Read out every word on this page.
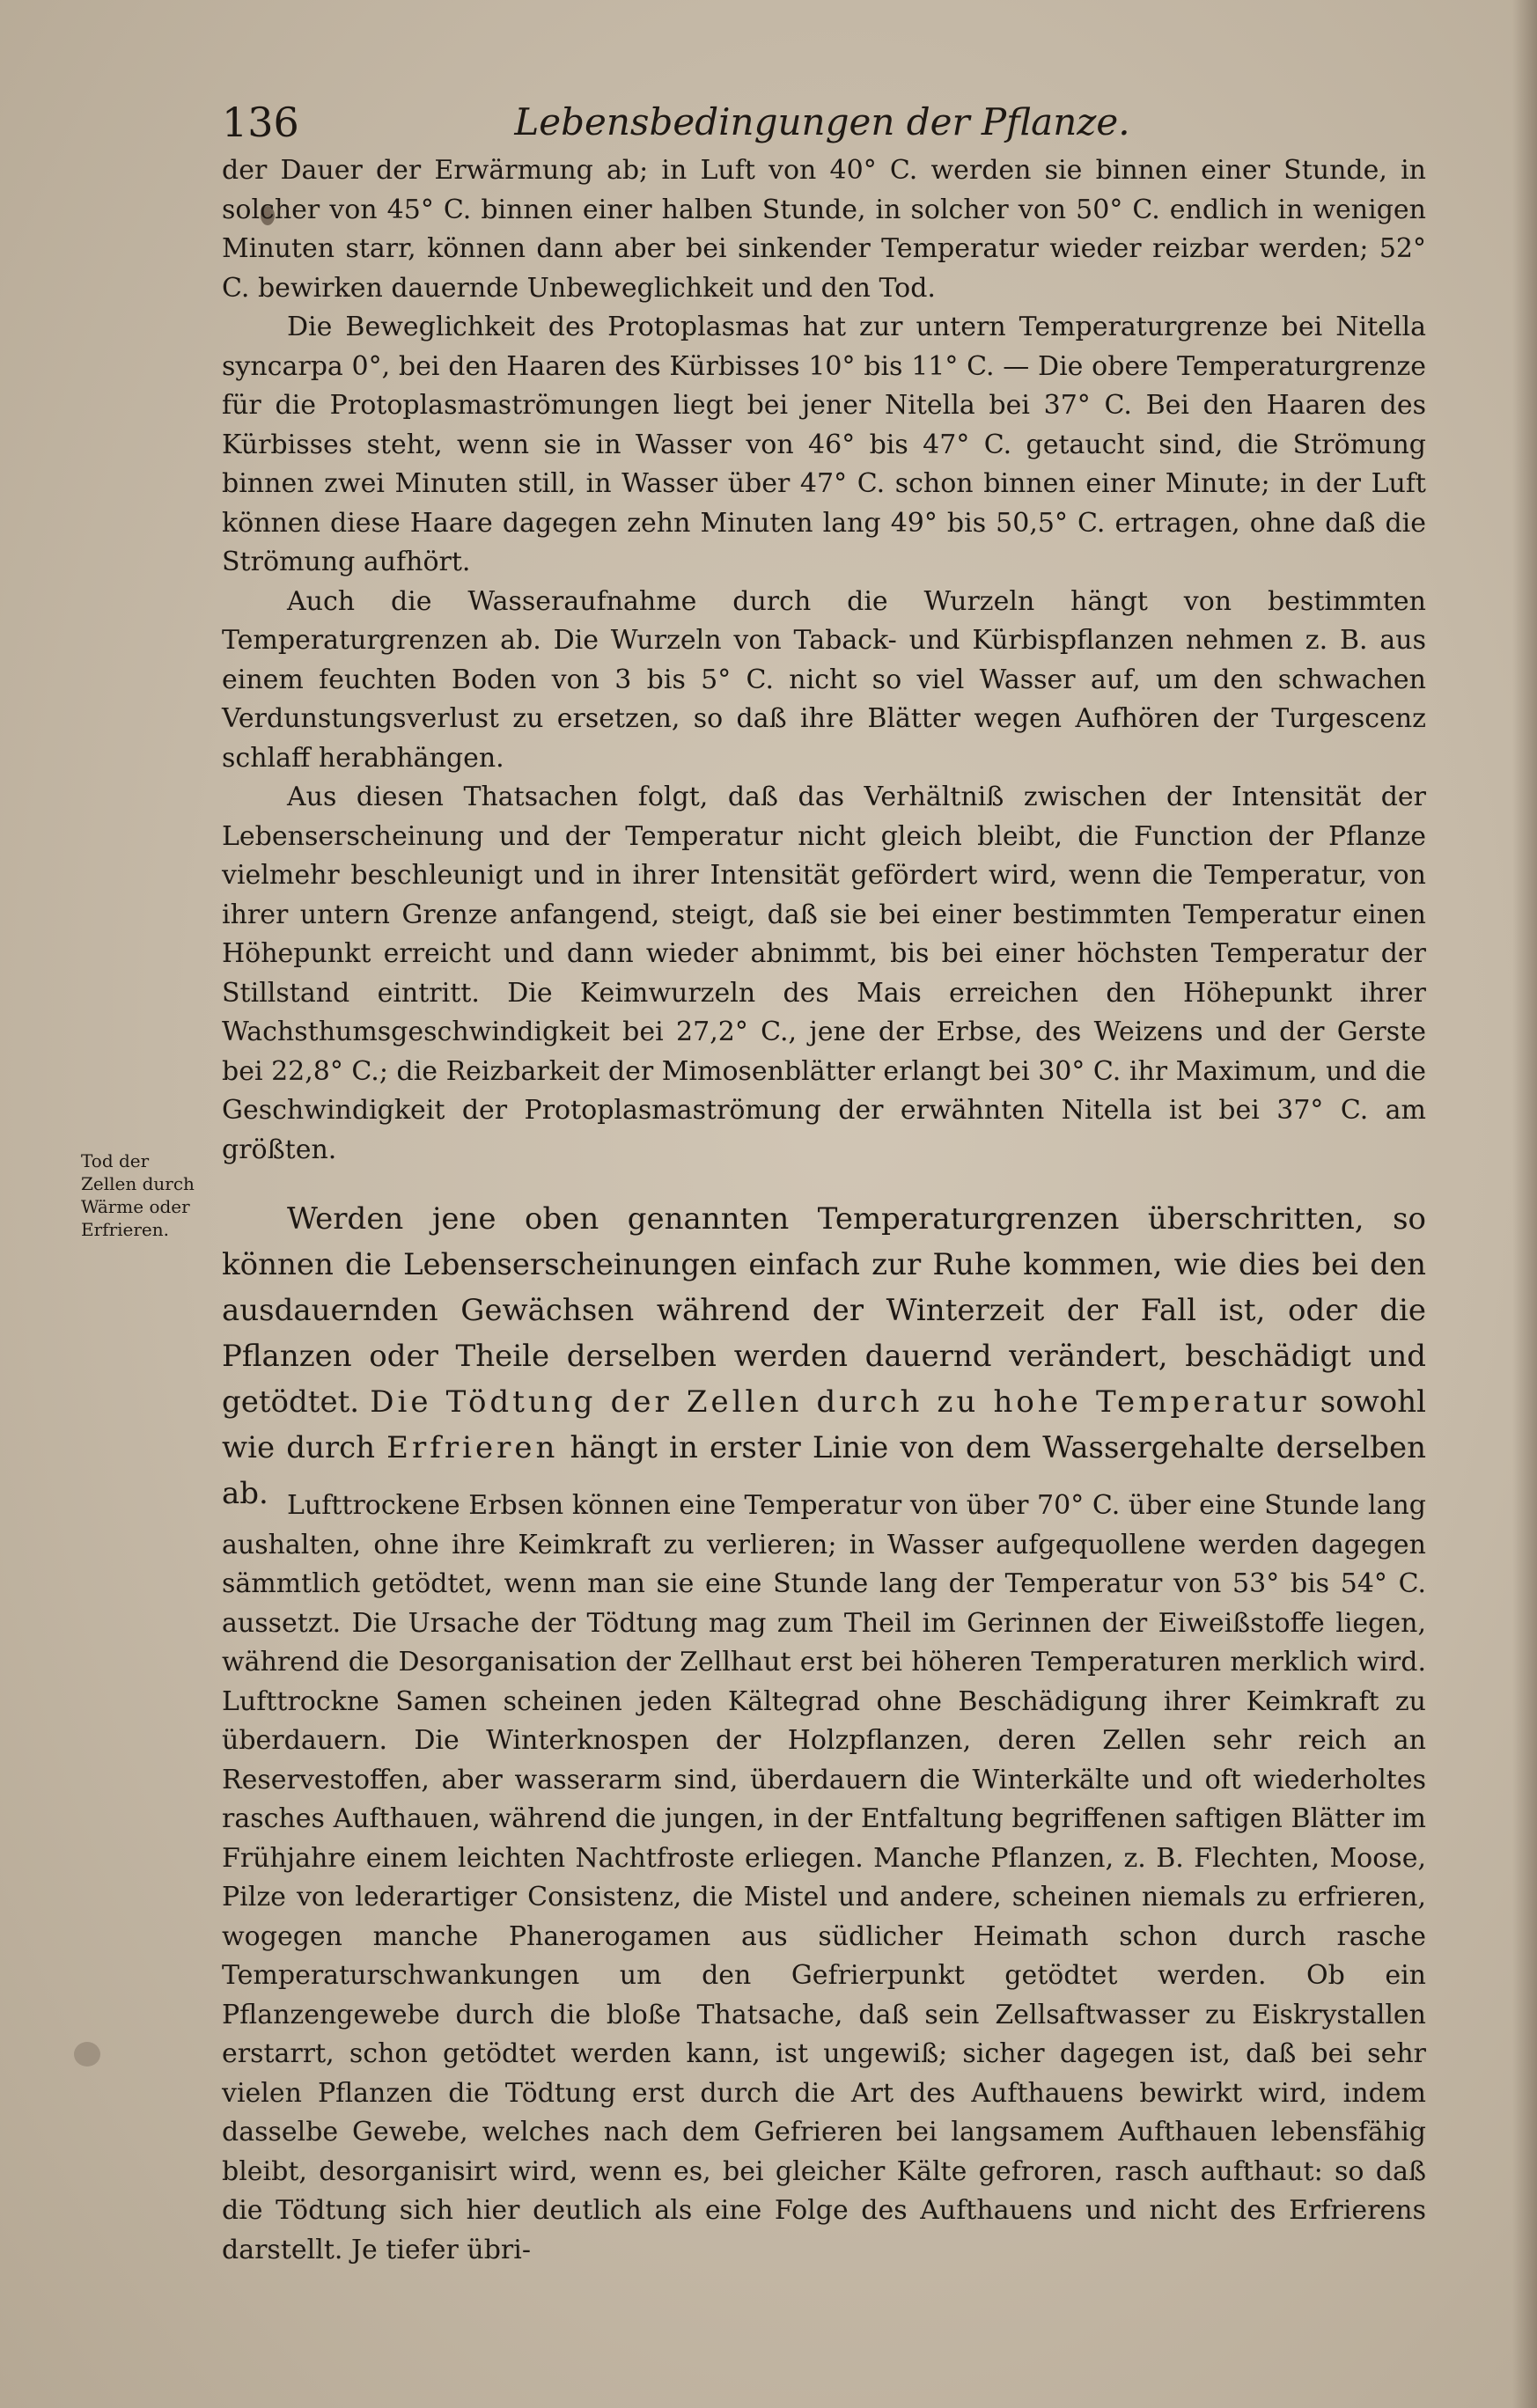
136	Lebensbedingungen der Pflanze.
Tod der
Zellen durch
Wärme oder
Erfrieren.

der Dauer der Erwärmung ab; in Luft von 40° C. werden sie binnen einer Stunde, in solcher von 45° C. binnen einer halben Stunde, in solcher von 50° C. endlich in wenigen Minuten starr, können dann aber bei sinkender Temperatur wieder reizbar werden; 52° C. bewirken dauernde Unbeweglichkeit und den Tod.

Die Beweglichkeit des Protoplasmas hat zur untern Temperaturgrenze bei Nitella syncarpa 0°, bei den Haaren des Kürbisses 10° bis 11° C. — Die obere Temperaturgrenze für die Protoplasmaströmungen liegt bei jener Nitella bei 37° C. Bei den Haaren des Kürbisses steht, wenn sie in Wasser von 46° bis 47° C. getaucht sind, die Strömung binnen zwei Minuten still, in Wasser über 47° C. schon binnen einer Minute; in der Luft können diese Haare dagegen zehn Minuten lang 49° bis 50,5° C. ertragen, ohne daß die Strömung aufhört.

Auch die Wasseraufnahme durch die Wurzeln hängt von bestimmten Temperaturgrenzen ab. Die Wurzeln von Taback- und Kürbispflanzen nehmen z. B. aus einem feuchten Boden von 3 bis 5° C. nicht so viel Wasser auf, um den schwachen Verdunstungsverlust zu ersetzen, so daß ihre Blätter wegen Aufhören der Turgescenz schlaff herabhängen.

Aus diesen Thatsachen folgt, daß das Verhältniß zwischen der Intensität der Lebenserscheinung und der Temperatur nicht gleich bleibt, die Function der Pflanze vielmehr beschleunigt und in ihrer Intensität gefördert wird, wenn die Temperatur, von ihrer untern Grenze anfangend, steigt, daß sie bei einer bestimmten Temperatur einen Höhepunkt erreicht und dann wieder abnimmt, bis bei einer höchsten Temperatur der Stillstand eintritt. Die Keimwurzeln des Mais erreichen den Höhepunkt ihrer Wachsthumsgeschwindigkeit bei 27,2° C., jene der Erbse, des Weizens und der Gerste bei 22,8° C.; die Reizbarkeit der Mimosenblätter erlangt bei 30° C. ihr Maximum, und die Geschwindigkeit der Protoplasmaströmung der erwähnten Nitella ist bei 37° C. am größten.

Werden jene oben genannten Temperaturgrenzen überschritten, so können die Lebenserscheinungen einfach zur Ruhe kommen, wie dies bei den ausdauernden Gewächsen während der Winterzeit der Fall ist, oder die Pflanzen oder Theile derselben werden dauernd verändert, beschädigt und getödtet. Die Tödtung der Zellen durch zu hohe Temperatur sowohl wie durch Erfrieren hängt in erster Linie von dem Wassergehalte derselben ab. Lufttrockene Erbsen können eine Temperatur von über 70° C. über eine Stunde lang aushalten, ohne ihre Keimkraft zu verlieren; in Wasser aufgequollene werden dagegen sämmtlich getödtet, wenn man sie eine Stunde lang der Temperatur von 53° bis 54° C. aussetzt. Die Ursache der Tödtung mag zum Theil im Gerinnen der Eiweißstoffe liegen, während die Desorganisation der Zellhaut erst bei höheren Temperaturen merklich wird. Lufttrockne Samen scheinen jeden Kältegrad ohne Beschädigung ihrer Keimkraft zu überdauern. Die Winterknospen der Holzpflanzen, deren Zellen sehr reich an Reservestoffen, aber wasserarm sind, überdauern die Winterkälte und oft wiederholtes rasches Aufthauen, während die jungen, in der Entfaltung begriffenen saftigen Blätter im Frühjahre einem leichten Nachtfroste erliegen. Manche Pflanzen, z. B. Flechten, Moose, Pilze von lederartiger Consistenz, die Mistel und andere, scheinen niemals zu erfrieren, wogegen manche Phanerogamen aus südlicher Heimath schon durch rasche Temperaturschwankungen um den Gefrierpunkt getödtet werden. Ob ein Pflanzengewebe durch die bloße Thatsache, daß sein Zellsaftwasser zu Eiskrystallen erstarrt, schon getödtet werden kann, ist ungewiß; sicher dagegen ist, daß bei sehr vielen Pflanzen die Tödtung erst durch die Art des Aufthauens bewirkt wird, indem dasselbe Gewebe, welches nach dem Gefrieren bei langsamem Aufthauen lebensfähig bleibt, desorganisirt wird, wenn es, bei gleicher Kälte gefroren, rasch aufthaut: so daß die Tödtung sich hier deutlich als eine Folge des Aufthauens und nicht des Erfrierens darstellt. Je tiefer übri-
